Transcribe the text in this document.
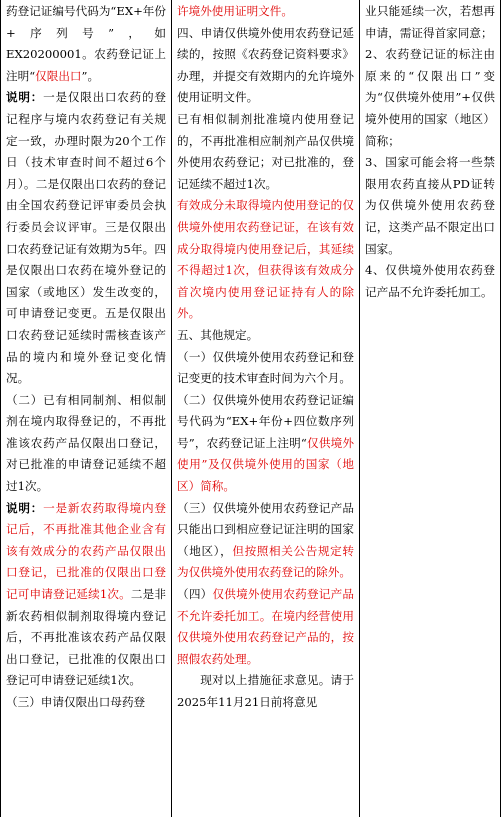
药登记证编号代码为“EX+年份+序列号”，如EX20200001。农药登记证上注明“仅限出口”。

说明：一是仅限出口农药的登记程序与境内农药登记有关规定一致，办理时限为20个工作日（技术审查时间不超过6个月）。二是仅限出口农药的登记由全国农药登记评审委员会执行委员会议评审。三是仅限出口农药登记证有效期为5年。四是仅限出口农药在境外登记的国家（或地区）发生改变的，可申请登记变更。五是仅限出口农药登记延续时需核查该产品的境内和境外登记变化情况。

（二）已有相同制剂、相似制剂在境内取得登记的，不再批准该农药产品仅限出口登记，对已批准的申请登记延续不超过1次。

说明：一是新农药取得境内登记后，不再批准其他企业含有该有效成分的农药产品仅限出口登记，已批准的仅限出口登记可申请登记延续1次。二是非新农药相似制剂取得境内登记后，不再批准该农药产品仅限出口登记，已批准的仅限出口登记可申请登记延续1次。

（三）申请仅限出口母药登

许境外使用证明文件。

四、申请仅供境外使用农药登记延续的，按照《农药登记资料要求》办理，并提交有效期内的允许境外使用证明文件。

已有相似制剂批准境内使用登记的，不再批准相应制剂产品仅供境外使用农药登记；对已批准的，登记延续不超过1次。

有效成分未取得境内使用登记的仅供境外使用农药登记证，在该有效成分取得境内使用登记后，其延续不得超过1次，但获得该有效成分首次境内使用登记证持有人的除外。

五、其他规定。

（一）仅供境外使用农药登记和登记变更的技术审查时间为六个月。

（二）仅供境外使用农药登记证编号代码为“EX+年份+四位数序列号”，农药登记证上注明“仅供境外使用”及仅供境外使用的国家（地区）简称。

（三）仅供境外使用农药登记产品只能出口到相应登记证注明的国家（地区），但按照相关公告规定转为仅供境外使用农药登记的除外。

（四）仅供境外使用农药登记产品不允许委托加工。在境内经营使用仅供境外使用农药登记产品的，按照假农药处理。

现对以上措施征求意见。请于2025年11月21日前将意见

业只能延续一次，若想再申请，需证得首家同意；

2、农药登记证的标注由原来的“仅限出口”变为“仅供境外使用”+仅供境外使用的国家（地区）简称；

3、国家可能会将一些禁限用农药直接从PD证转为仅供境外使用农药登记，这类产品不限定出口国家。

4、仅供境外使用农药登记产品不允许委托加工。
